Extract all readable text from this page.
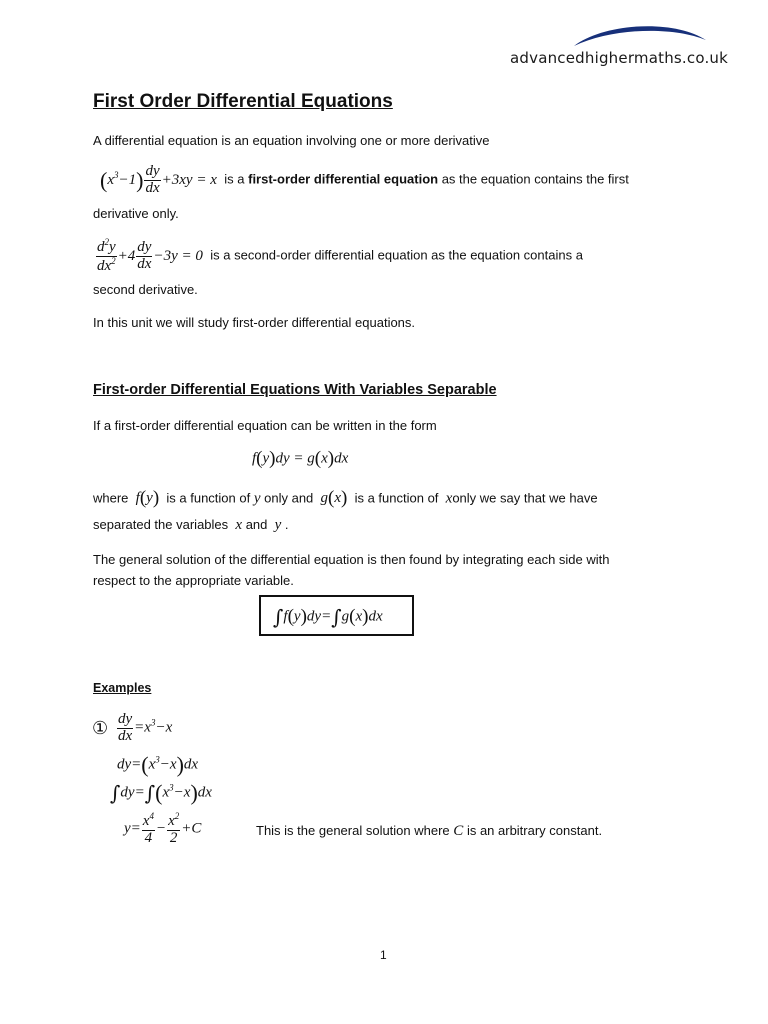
advancedhighermaths.co.uk
First Order Differential Equations
A differential equation is an equation involving one or more derivative
$(x^3-1) \frac{dy}{dx} +3xy = x$  is a first-order differential equation as the equation contains the first
derivative only.
$\frac{d^2y}{dx^2} +4 \frac{dy}{dx} -3y = 0$ is a second-order differential equation as the equation contains a
second derivative.
In this unit we will study first-order differential equations.
First-order Differential Equations With Variables Separable
If a first-order differential equation can be written in the form
f(y)dy = g(x)dx
where f(y) is a function of y only and g(x) is a function of xonly we say that we have
separated the variables x and y .
The general solution of the differential equation is then found by integrating each side with
respect to the appropriate variable.
∫f(y)dy=∫g(x)dx
Examples
① $\frac{dy}{dx} =x^3-x$
$dy=(x^3-x)dx$
$\int dy=\int(x^3-x)dx$
$y= \frac{x^4}{4} - \frac{x^2}{2} +C$	This is the general solution where C is an arbitrary constant.
1
